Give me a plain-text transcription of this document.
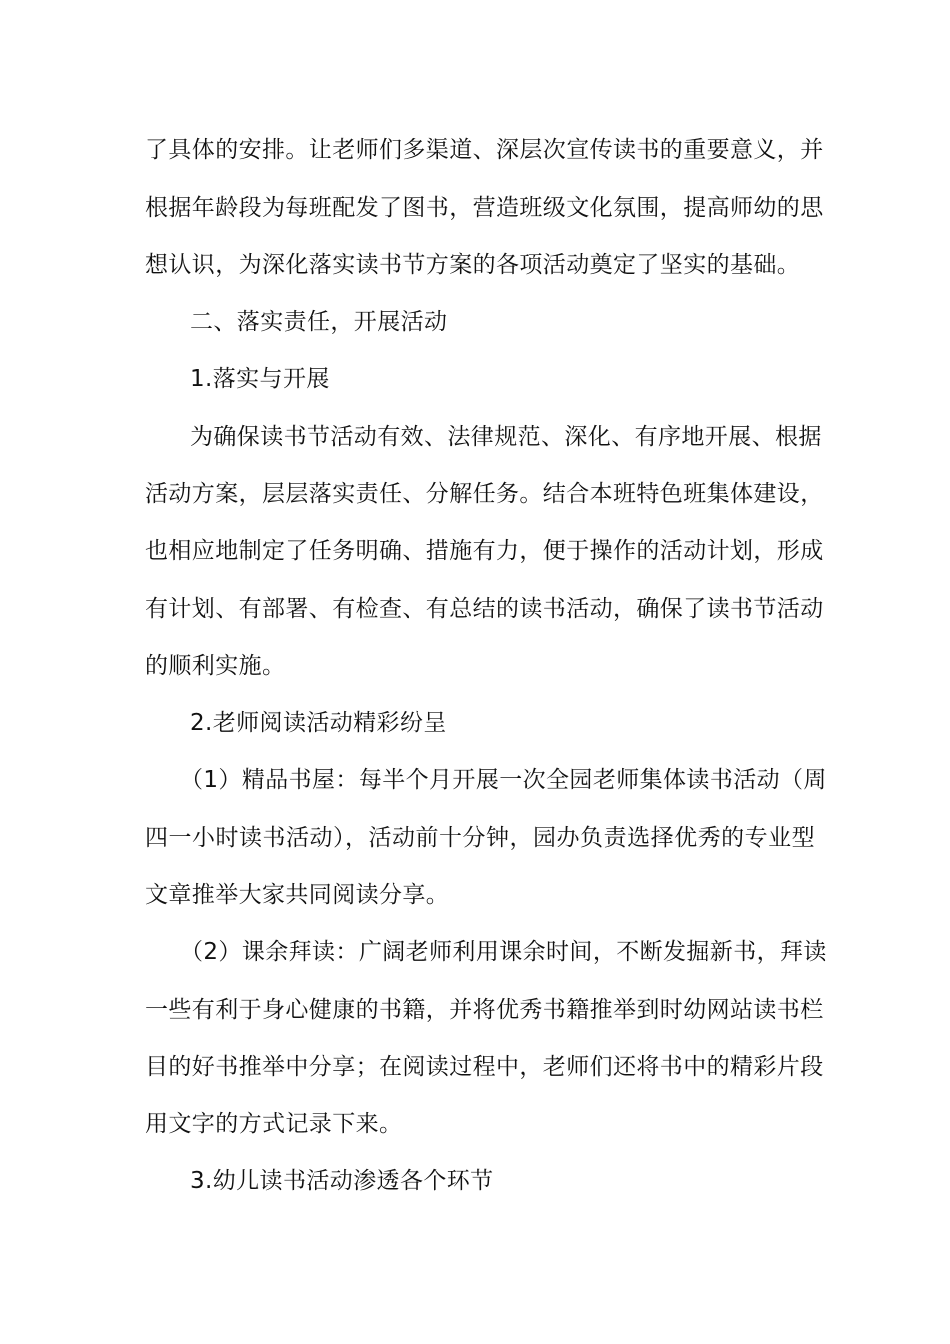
了具体的安排。让老师们多渠道、深层次宣传读书的重要意义，并
根据年龄段为每班配发了图书，营造班级文化氛围，提高师幼的思
想认识，为深化落实读书节方案的各项活动奠定了坚实的基础。
二、落实责任，开展活动
1.落实与开展
为确保读书节活动有效、法律规范、深化、有序地开展、根据
活动方案，层层落实责任、分解任务。结合本班特色班集体建设，
也相应地制定了任务明确、措施有力，便于操作的活动计划，形成
有计划、有部署、有检查、有总结的读书活动，确保了读书节活动
的顺利实施。
2.老师阅读活动精彩纷呈
（1）精品书屋：每半个月开展一次全园老师集体读书活动（周
四一小时读书活动），活动前十分钟，园办负责选择优秀的专业型
文章推举大家共同阅读分享。
（2）课余拜读：广阔老师利用课余时间，不断发掘新书，拜读
一些有利于身心健康的书籍，并将优秀书籍推举到时幼网站读书栏
目的好书推举中分享；在阅读过程中，老师们还将书中的精彩片段
用文字的方式记录下来。
3.幼儿读书活动渗透各个环节
